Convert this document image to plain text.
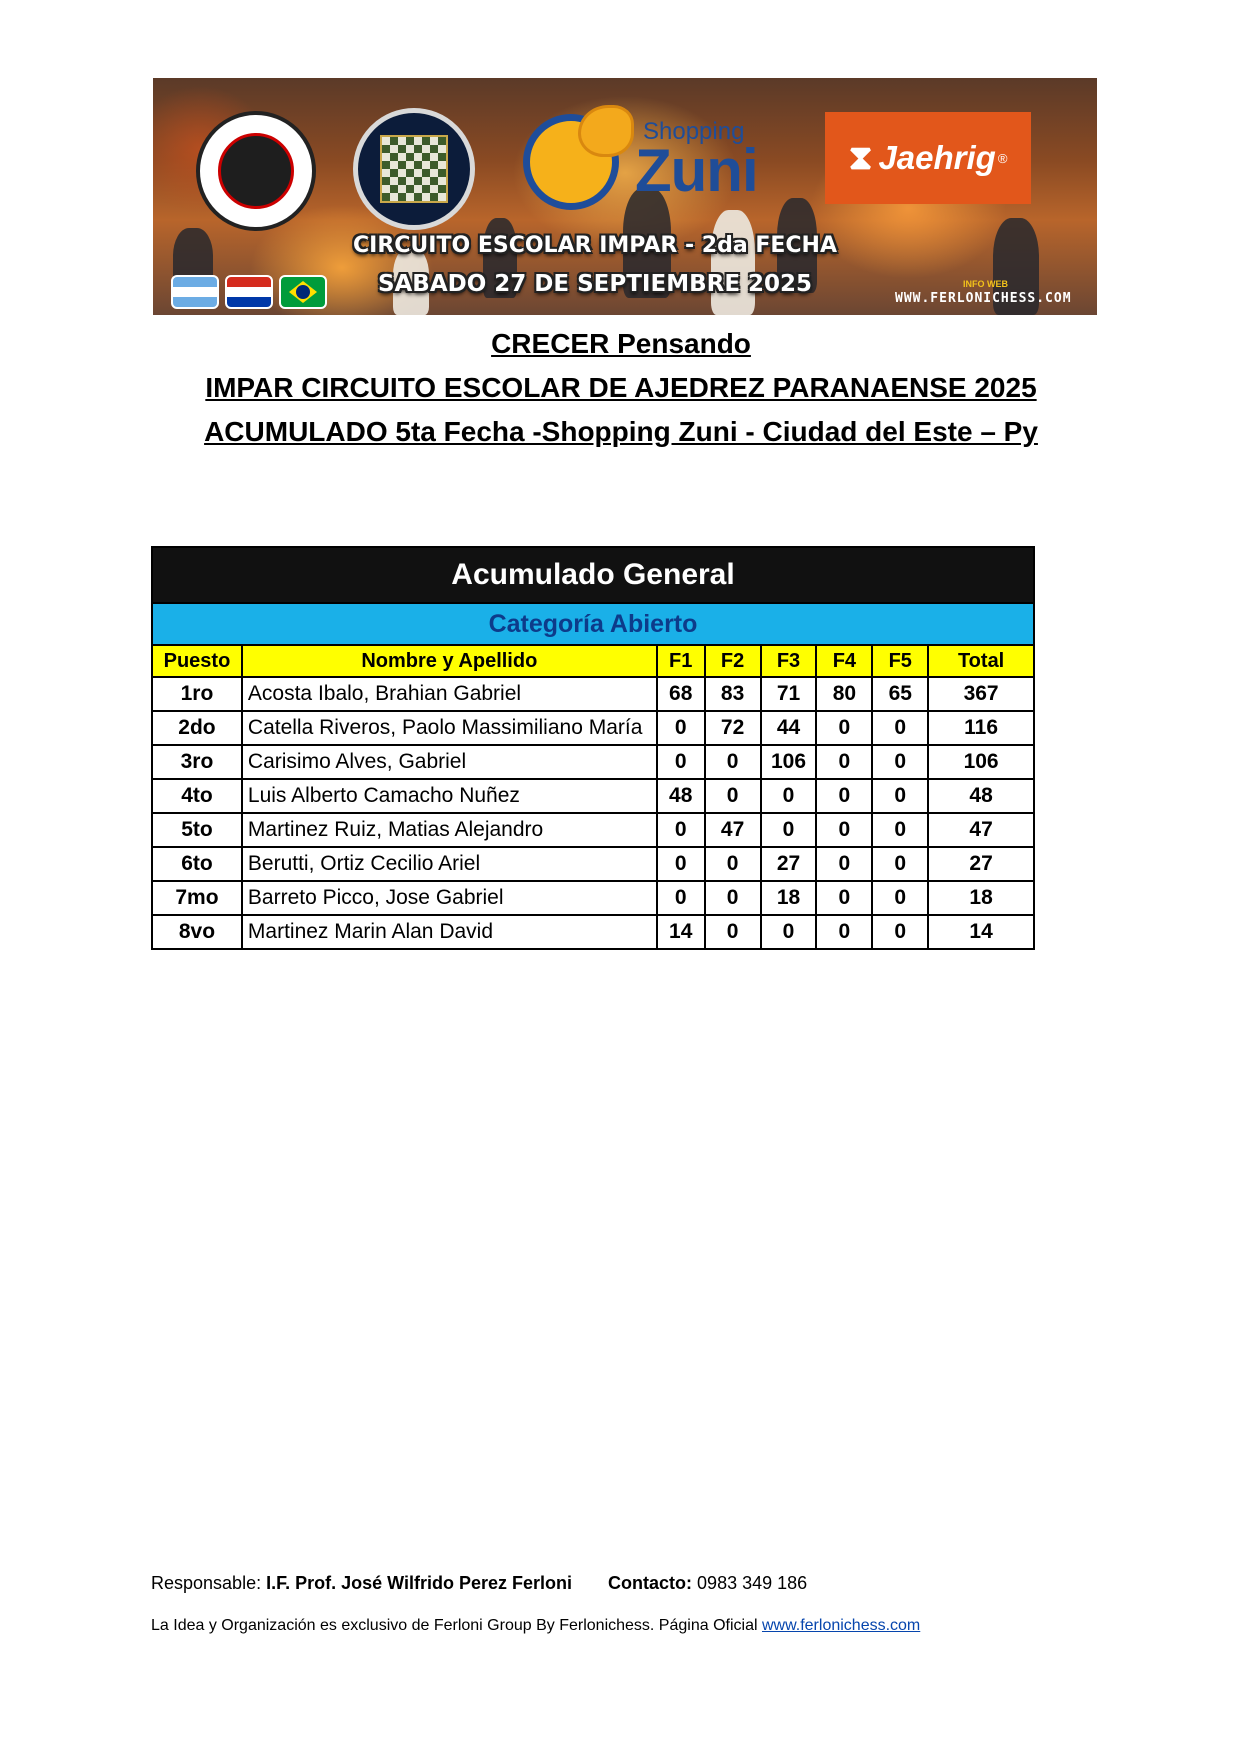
Shopping
Zuni	⧗ Jaehrig ®
CIRCUITO ESCOLAR IMPAR - 2da FECHA
SABADO 27 DE SEPTIEMBRE 2025	INFO WEB
WWW.FERLONICHESS.COM
CRECER Pensando
IMPAR CIRCUITO ESCOLAR DE AJEDREZ PARANAENSE 2025
ACUMULADO 5ta Fecha -Shopping Zuni - Ciudad del Este – Py
Acumulado General							
Categoría Abierto							
Puesto	Nombre y Apellido	F1	F2	F3	F4	F5	Total
1ro	Acosta Ibalo, Brahian Gabriel	68	83	71	80	65	367
2do	Catella Riveros, Paolo Massimiliano María	0	72	44	0	0	116
3ro	Carisimo Alves, Gabriel	0	0	106	0	0	106
4to	Luis Alberto Camacho Nuñez	48	0	0	0	0	48
5to	Martinez Ruiz, Matias Alejandro	0	47	0	0	0	47
6to	Berutti, Ortiz Cecilio Ariel	0	0	27	0	0	27
7mo	Barreto Picco, Jose Gabriel	0	0	18	0	0	18
8vo	Martinez Marin Alan David	14	0	0	0	0	14
Responsable: I.F. Prof. José Wilfrido Perez Ferloni Contacto: 0983 349 186
La Idea y Organización es exclusivo de Ferloni Group By Ferlonichess. Página Oficial www.ferlonichess.com
